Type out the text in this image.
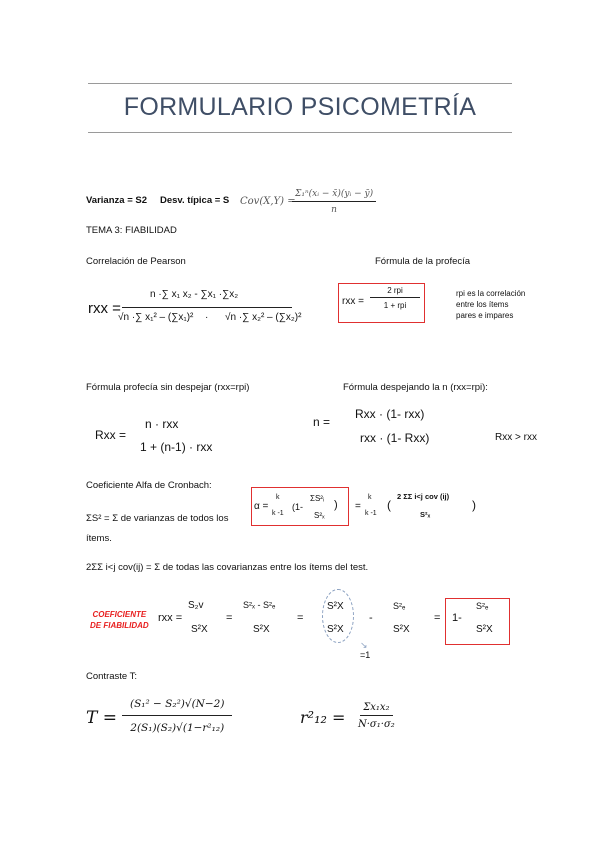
FORMULARIO PSICOMETRÍA
Varianza = S2 Desv. típica = S Cov(X,Y) =
$\frac{\text{Σ₁ⁿ(xᵢ − x̄)(yᵢ − ȳ)}}{n}$
TEMA 3: FIABILIDAD
Correlación de Pearson	Fórmula de la profecía
rxx =
n ·∑ x₁ x₂ - ∑x₁ ·∑x₂
√n ·∑ x₁² – (∑x₁)² · √n ·∑ x₂² – (∑x₂)²
rxx =
2 rpi
1 + rpi
rpi es la correlación entre los ítems pares e impares
Fórmula profecía sin despejar (rxx=rpi)	Fórmula despejando la n (rxx=rpi):
Rxx =
n · rxx
1 + (n-1) · rxx
n =
Rxx · (1- rxx)
rxx · (1- Rxx)	Rxx > rxx
Coeficiente Alfa de Cronbach:
α =
k
k -1
(1-
ΣS²ᵢ
S²ₓ
) =
k
k -1
(
2 ΣΣ i<j cov (ij)
S²ₓ
)
ΣS² = Σ de varianzas de todos los
ítems.
2ΣΣ i<j cov(ij) = Σ de todas las covarianzas entre los ítems del test.
COEFICIENTE
DE FIABILIDAD
rxx =
S₂v
S²X
=
S²ₓ - S²ₑ
S²X
=
S²X
S²X
↘
=1
-
S²ₑ
S²X
= 1-
S²ₑ
S²X
Contraste T:
$T = \frac{\text{(S₁² − S₂²)√(N−2)}}{\text{2(S₁)(S₂)√(1−r²₁₂)}}$	$r^2_{12} = \frac{\text{Σx₁x₂}}{\text{N·σ₁·σ₂}}$
